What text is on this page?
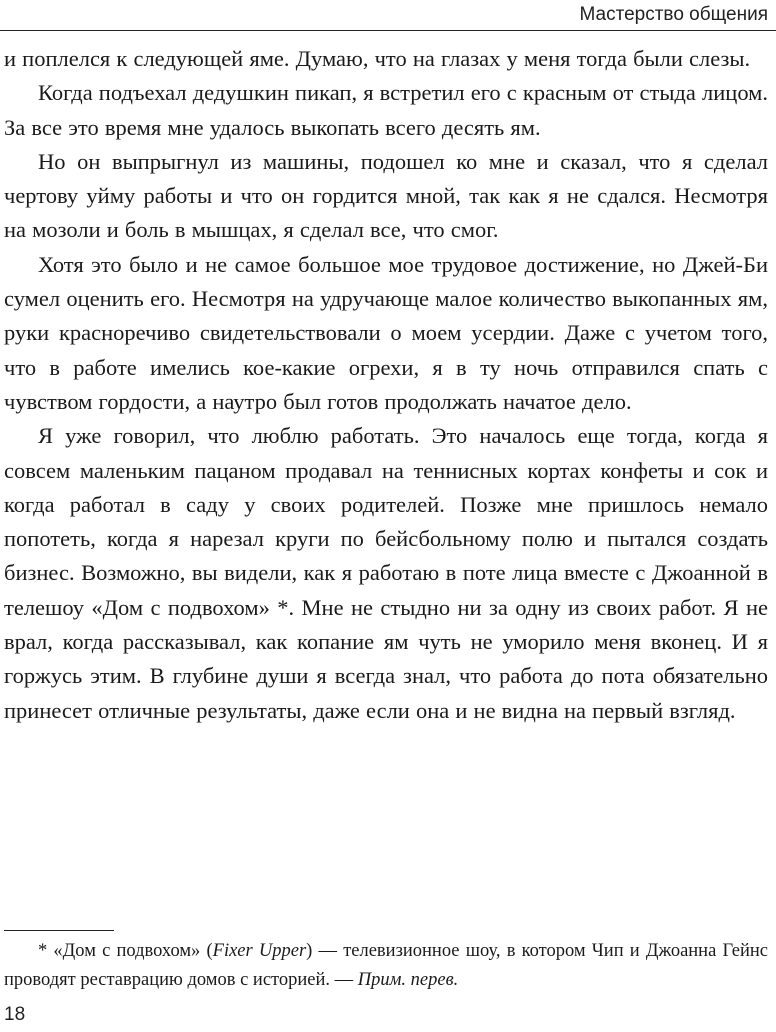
Мастерство общения

и поплелся к следующей яме. Думаю, что на глазах у меня тогда были слезы.

Когда подъехал дедушкин пикап, я встретил его с красным от стыда лицом. За все это время мне удалось выкопать всего десять ям.

Но он выпрыгнул из машины, подошел ко мне и сказал, что я сделал чертову уйму работы и что он гордится мной, так как я не сдался. Несмотря на мозоли и боль в мышцах, я сделал все, что смог.

Хотя это было и не самое большое мое трудовое достижение, но Джей-Би сумел оценить его. Несмотря на удручающе малое количество выкопанных ям, руки красноречиво свидетельствовали о моем усердии. Даже с учетом того, что в работе имелись кое-какие огрехи, я в ту ночь отправился спать с чувством гордости, а наутро был готов продолжать начатое дело.

Я уже говорил, что люблю работать. Это началось еще тогда, когда я совсем маленьким пацаном продавал на теннисных кортах конфеты и сок и когда работал в саду у своих родителей. Позже мне пришлось немало попотеть, когда я нарезал круги по бейсбольному полю и пытался создать бизнес. Возможно, вы видели, как я работаю в поте лица вместе с Джоанной в телешоу «Дом с подвохом» *. Мне не стыдно ни за одну из своих работ. Я не врал, когда рассказывал, как копание ям чуть не уморило меня вконец. И я горжусь этим. В глубине души я всегда знал, что работа до пота обязательно принесет отличные результаты, даже если она и не видна на первый взгляд.

* «Дом с подвохом» (Fixer Upper) — телевизионное шоу, в котором Чип и Джоанна Гейнс проводят реставрацию домов с историей. — Прим. перев.
18
